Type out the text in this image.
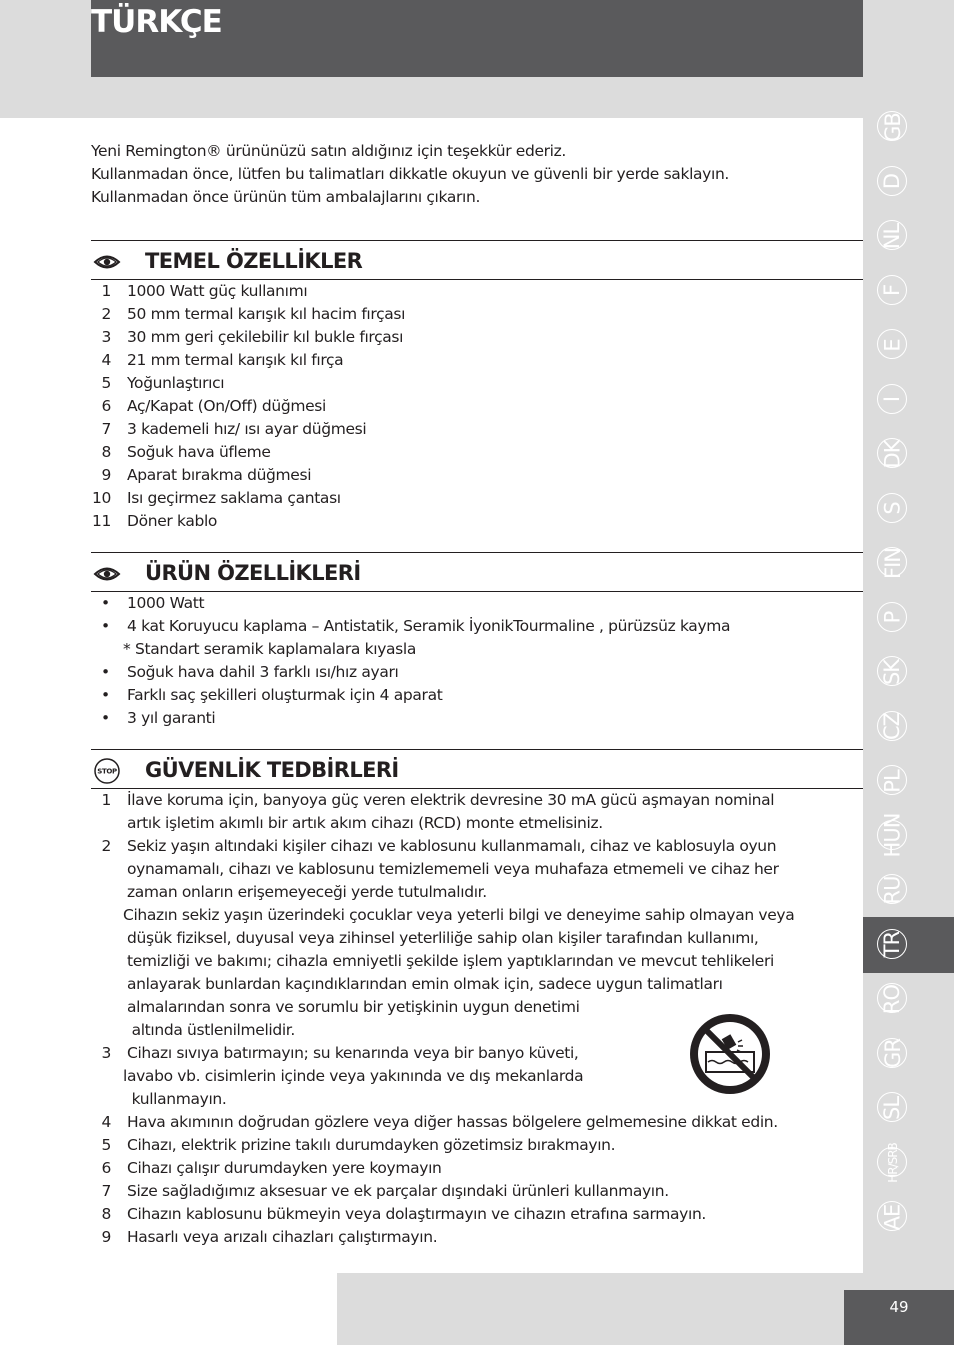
TÜRKÇE

Yeni Remington® ürününüzü satın aldığınız için teşekkür ederiz.

Kullanmadan önce, lütfen bu talimatları dikkatle okuyun ve güvenli bir yerde saklayın.

Kullanmadan önce ürünün tüm ambalajlarını çıkarın.

TEMEL ÖZELLİKLER
1 1000 Watt güç kullanımı
2 50 mm termal karışık kıl hacim fırçası
3 30 mm geri çekilebilir kıl bukle fırçası
4 21 mm termal karışık kıl fırça
5 Yoğunlaştırıcı
6 Aç/Kapat (On/Off) düğmesi
7 3 kademeli hız/ ısı ayar düğmesi
8 Soğuk hava üfleme
9 Aparat bırakma düğmesi
10 Isı geçirmez saklama çantası
11 Döner kablo
ÜRÜN ÖZELLİKLERİ
• 1000 Watt
• 4 kat Koruyucu kaplama – Antistatik, Seramik İyonikTourmaline , pürüzsüz kayma
* Standart seramik kaplamalara kıyasla
• Soğuk hava dahil 3 farklı ısı/hız ayarı
• Farklı saç şekilleri oluşturmak için 4 aparat
• 3 yıl garanti
STOP GÜVENLİK TEDBİRLERİ
1 İlave koruma için, banyoya güç veren elektrik devresine 30 mA gücü aşmayan nominal
artık işletim akımlı bir artık akım cihazı (RCD) monte etmelisiniz.
2 Sekiz yaşın altındaki kişiler cihazı ve kablosunu kullanmamalı, cihaz ve kablosuyla oyun
oynamamalı, cihazı ve kablosunu temizlememeli veya muhafaza etmemeli ve cihaz her
zaman onların erişemeyeceği yerde tutulmalıdır.
Cihazın sekiz yaşın üzerindeki çocuklar veya yeterli bilgi ve deneyime sahip olmayan veya
düşük fiziksel, duyusal veya zihinsel yeterliliğe sahip olan kişiler tarafından kullanımı,
temizliği ve bakımı; cihazla emniyetli şekilde işlem yaptıklarından ve mevcut tehlikeleri
anlayarak bunlardan kaçındıklarından emin olmak için, sadece uygun talimatları
almalarından sonra ve sorumlu bir yetişkinin uygun denetimi
altında üstlenilmelidir.
3 Cihazı sıvıya batırmayın; su kenarında veya bir banyo küveti,
lavabo vb. cisimlerin içinde veya yakınında ve dış mekanlarda
kullanmayın.
4 Hava akımının doğrudan gözlere veya diğer hassas bölgelere gelmemesine dikkat edin.
5 Cihazı, elektrik prizine takılı durumdayken gözetimsiz bırakmayın.
6 Cihazı çalışır durumdayken yere koymayın
7 Size sağladığımız aksesuar ve ek parçalar dışındaki ürünleri kullanmayın.
8 Cihazın kablosunu bükmeyin veya dolaştırmayın ve cihazın etrafına sarmayın.
9 Hasarlı veya arızalı cihazları çalıştırmayın.
GB
D
NL
F
E
I
DK
S
FIN
P
SK
CZ
PL
HUN
RU
TR
RO
GR
SL
HR/SRB
AE
49
